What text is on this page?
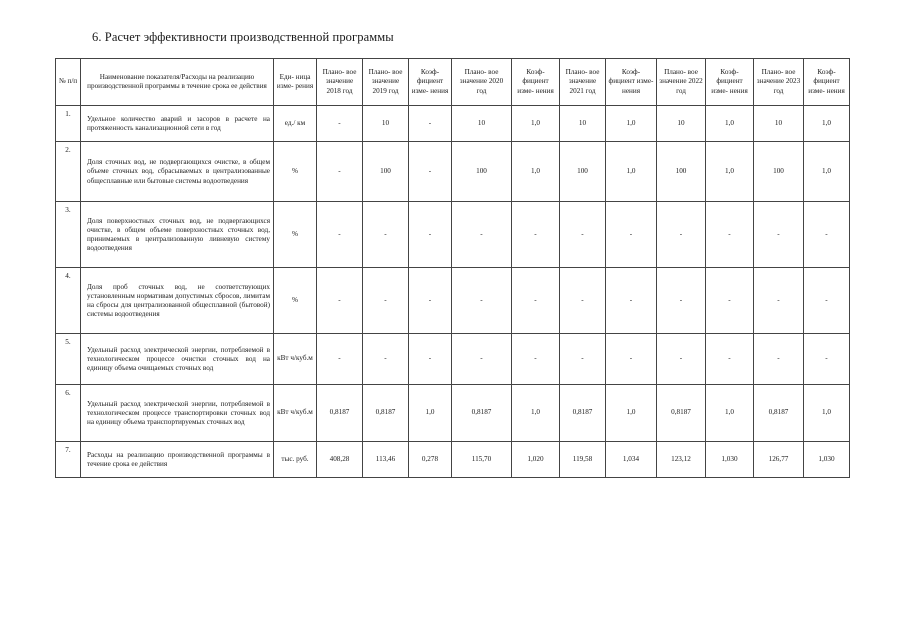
6. Расчет эффективности производственной программы
№ п/п	Наименование показателя/Расходы на реализацию производственной программы в течение срока ее действия	Еди- ница изме- рения	Плано- вое значение 2018 год	Плано- вое значение 2019 год	Коэф- фициент изме- нения	Плано- вое значение 2020 год	Коэф- фициент изме- нения	Плано- вое значение 2021 год	Коэф- фициент изме- нения	Плано- вое значение 2022 год	Коэф- фициент изме- нения	Плано- вое значение 2023 год	Коэф- фициент изме- нения
1.	Удельное количество аварий и засоров в расчете на протяженность канализационной сети в год	ед./ км	-	10	-	10	1,0	10	1,0	10	1,0	10	1,0
2.	Доля сточных вод, не подвергающихся очистке, в общем объеме сточных вод, сбрасываемых в централизованные общесплавные или бытовые системы водоотведения	%	-	100	-	100	1,0	100	1,0	100	1,0	100	1,0
3.	Доля поверхностных сточных вод, не подвергающихся очистке, в общем объеме поверхностных сточных вод, принимаемых в централизованную ливневую систему водоотведения	%	-	-	-	-	-	-	-	-	-	-	-
4.	Доля проб сточных вод, не соответствующих установленным нормативам допустимых сбросов, лимитам на сбросы для централизованной общесплавной (бытовой) системы водоотведения	%	-	-	-	-	-	-	-	-	-	-	-
5.	Удельный расход электрической энергии, потребляемой в технологическом процессе очистки сточных вод на единицу объема очищаемых сточных вод	кВт ч/куб.м	-	-	-	-	-	-	-	-	-	-	-
6.	Удельный расход электрической энергии, потребляемой в технологическом процессе транспортировки сточных вод на единицу объема транспортируемых сточных вод	кВт ч/куб.м	0,8187	0,8187	1,0	0,8187	1,0	0,8187	1,0	0,8187	1,0	0,8187	1,0
7.	Расходы на реализацию производственной программы в течение срока ее действия	тыс. руб.	408,28	113,46	0,278	115,70	1,020	119,58	1,034	123,12	1,030	126,77	1,030
